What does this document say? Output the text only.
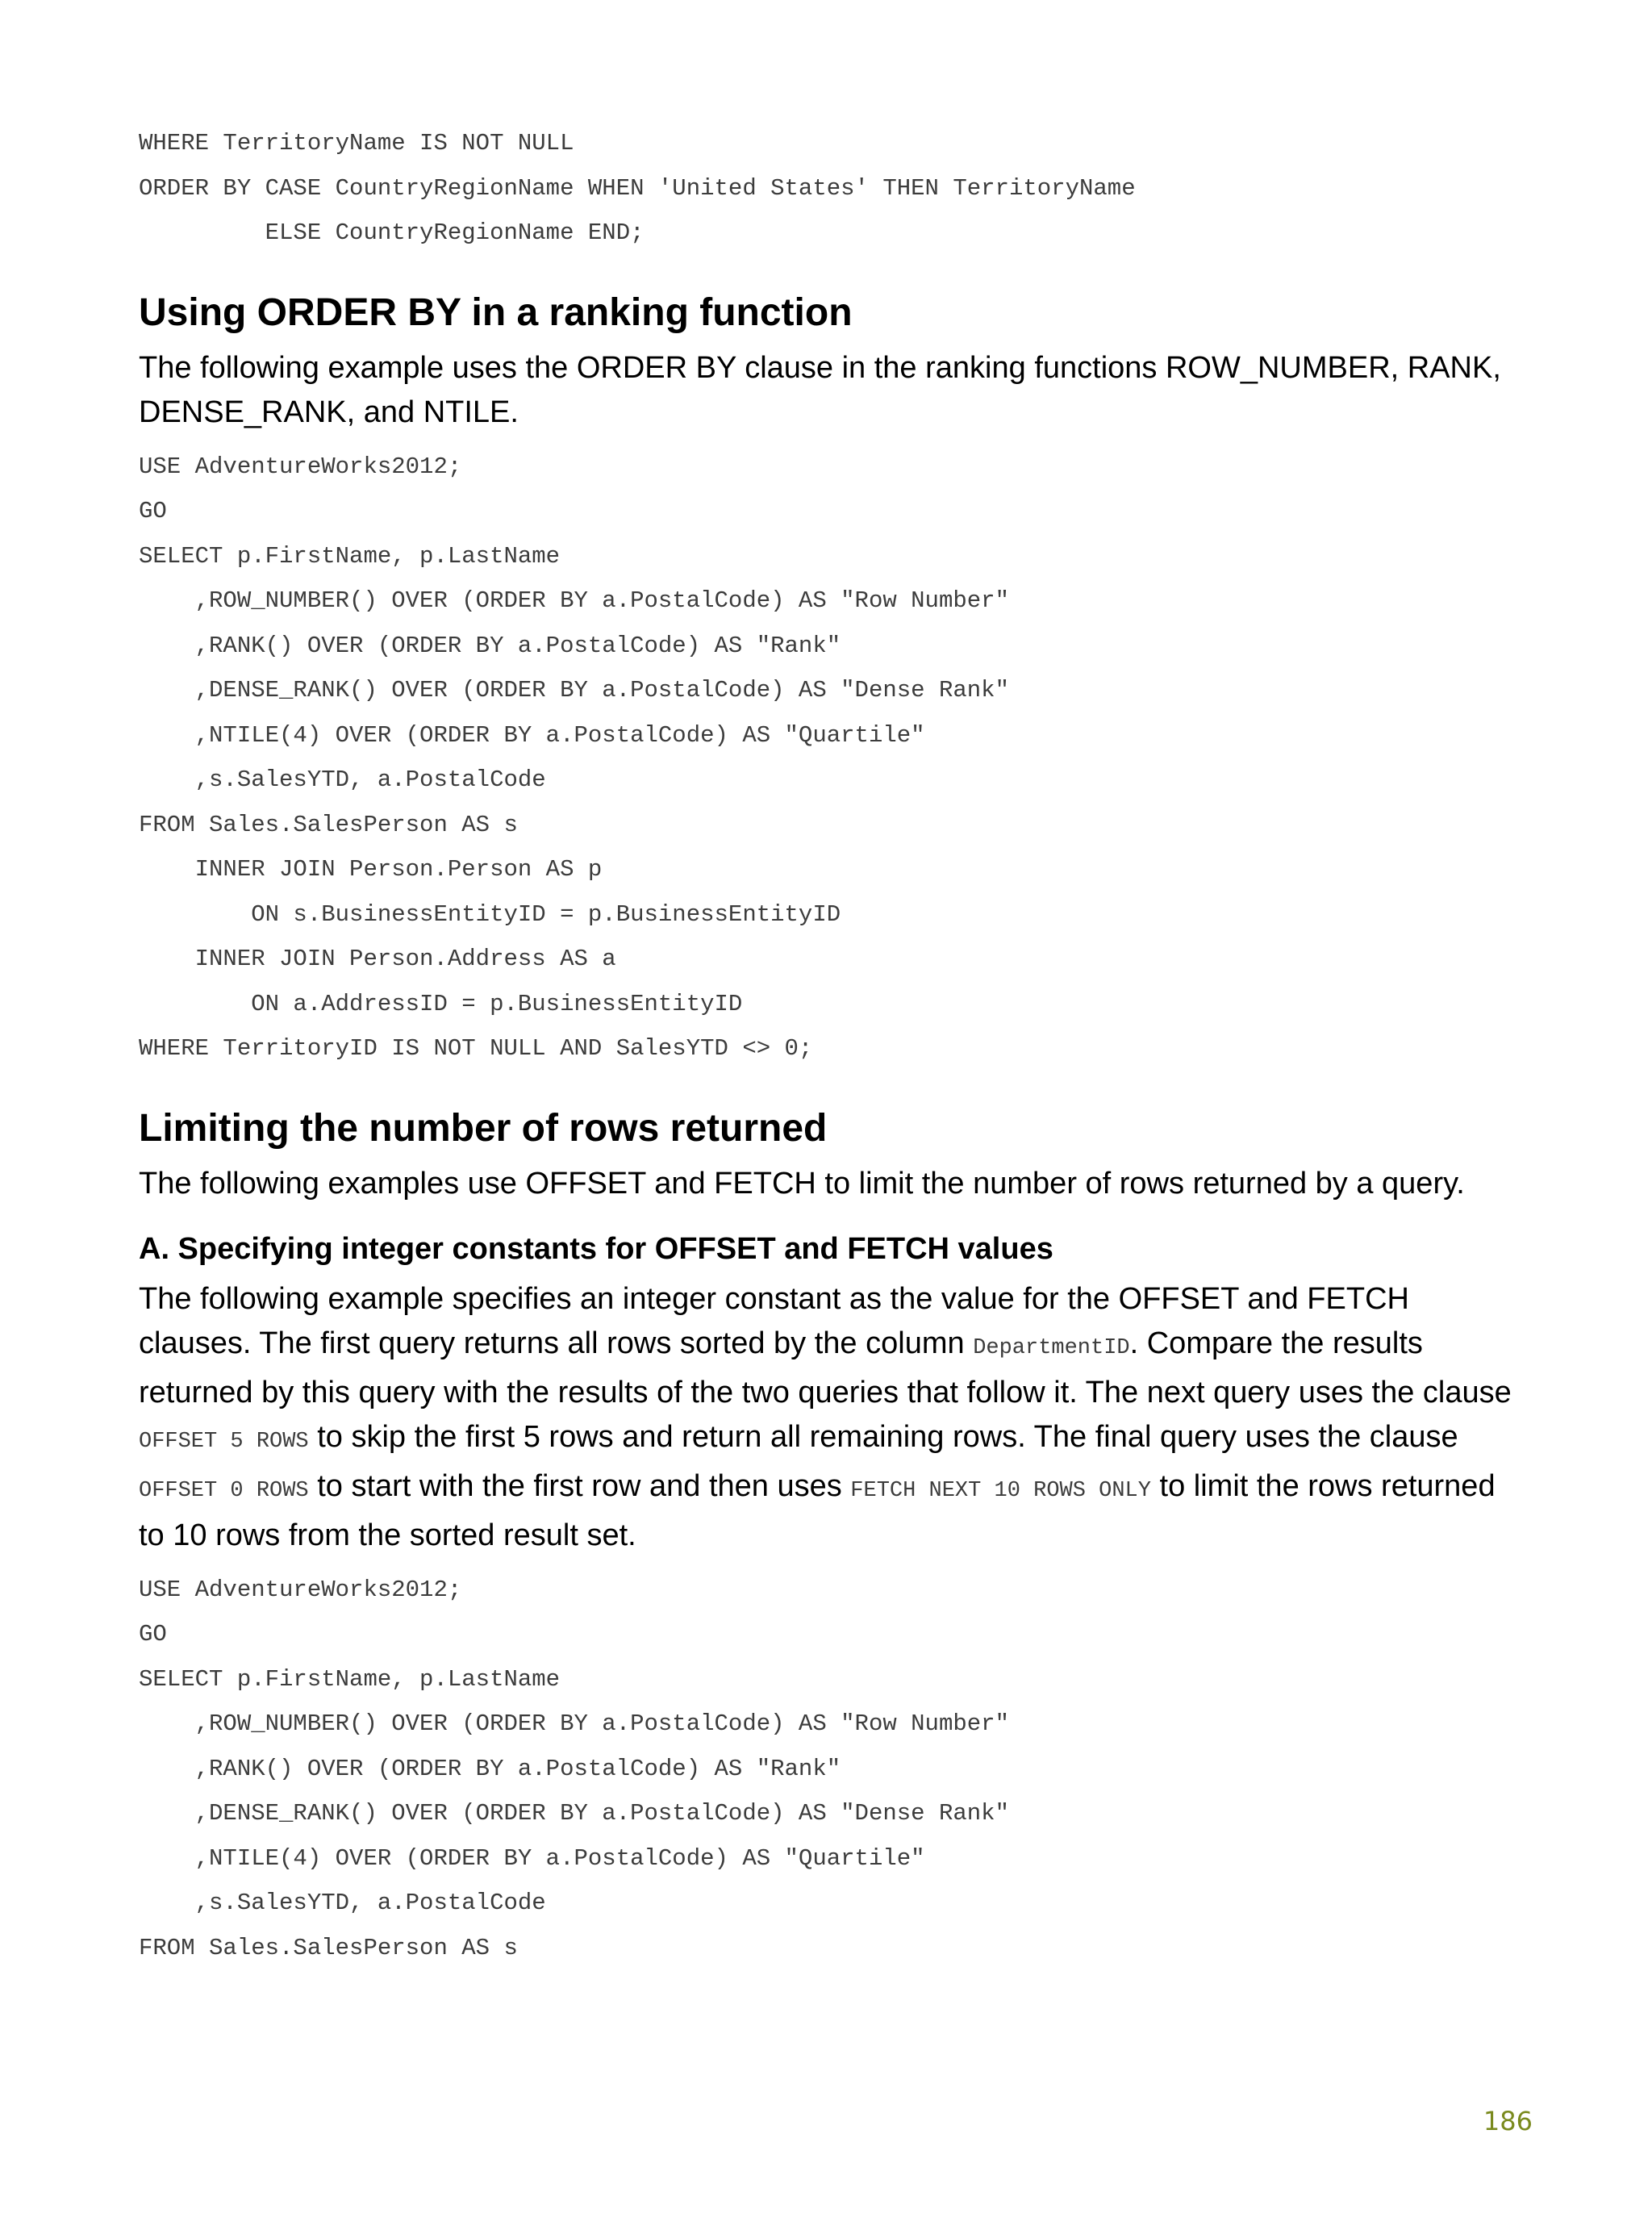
WHERE TerritoryName IS NOT NULL
ORDER BY CASE CountryRegionName WHEN 'United States' THEN TerritoryName
ELSE CountryRegionName END;
Using ORDER BY in a ranking function

The following example uses the ORDER BY clause in the ranking functions ROW_NUMBER, RANK, DENSE_RANK, and NTILE.

USE AdventureWorks2012;
GO
SELECT p.FirstName, p.LastName
,ROW_NUMBER() OVER (ORDER BY a.PostalCode) AS "Row Number"
,RANK() OVER (ORDER BY a.PostalCode) AS "Rank"
,DENSE_RANK() OVER (ORDER BY a.PostalCode) AS "Dense Rank"
,NTILE(4) OVER (ORDER BY a.PostalCode) AS "Quartile"
,s.SalesYTD, a.PostalCode
FROM Sales.SalesPerson AS s
INNER JOIN Person.Person AS p
ON s.BusinessEntityID = p.BusinessEntityID
INNER JOIN Person.Address AS a
ON a.AddressID = p.BusinessEntityID
WHERE TerritoryID IS NOT NULL AND SalesYTD <> 0;
Limiting the number of rows returned

The following examples use OFFSET and FETCH to limit the number of rows returned by a query.

A. Specifying integer constants for OFFSET and FETCH values

The following example specifies an integer constant as the value for the OFFSET and FETCH clauses. The first query returns all rows sorted by the column DepartmentID. Compare the results returned by this query with the results of the two queries that follow it. The next query uses the clause OFFSET 5 ROWS to skip the first 5 rows and return all remaining rows. The final query uses the clause OFFSET 0 ROWS to start with the first row and then uses FETCH NEXT 10 ROWS ONLY to limit the rows returned to 10 rows from the sorted result set.

USE AdventureWorks2012;
GO
SELECT p.FirstName, p.LastName
,ROW_NUMBER() OVER (ORDER BY a.PostalCode) AS "Row Number"
,RANK() OVER (ORDER BY a.PostalCode) AS "Rank"
,DENSE_RANK() OVER (ORDER BY a.PostalCode) AS "Dense Rank"
,NTILE(4) OVER (ORDER BY a.PostalCode) AS "Quartile"
,s.SalesYTD, a.PostalCode
FROM Sales.SalesPerson AS s
186
